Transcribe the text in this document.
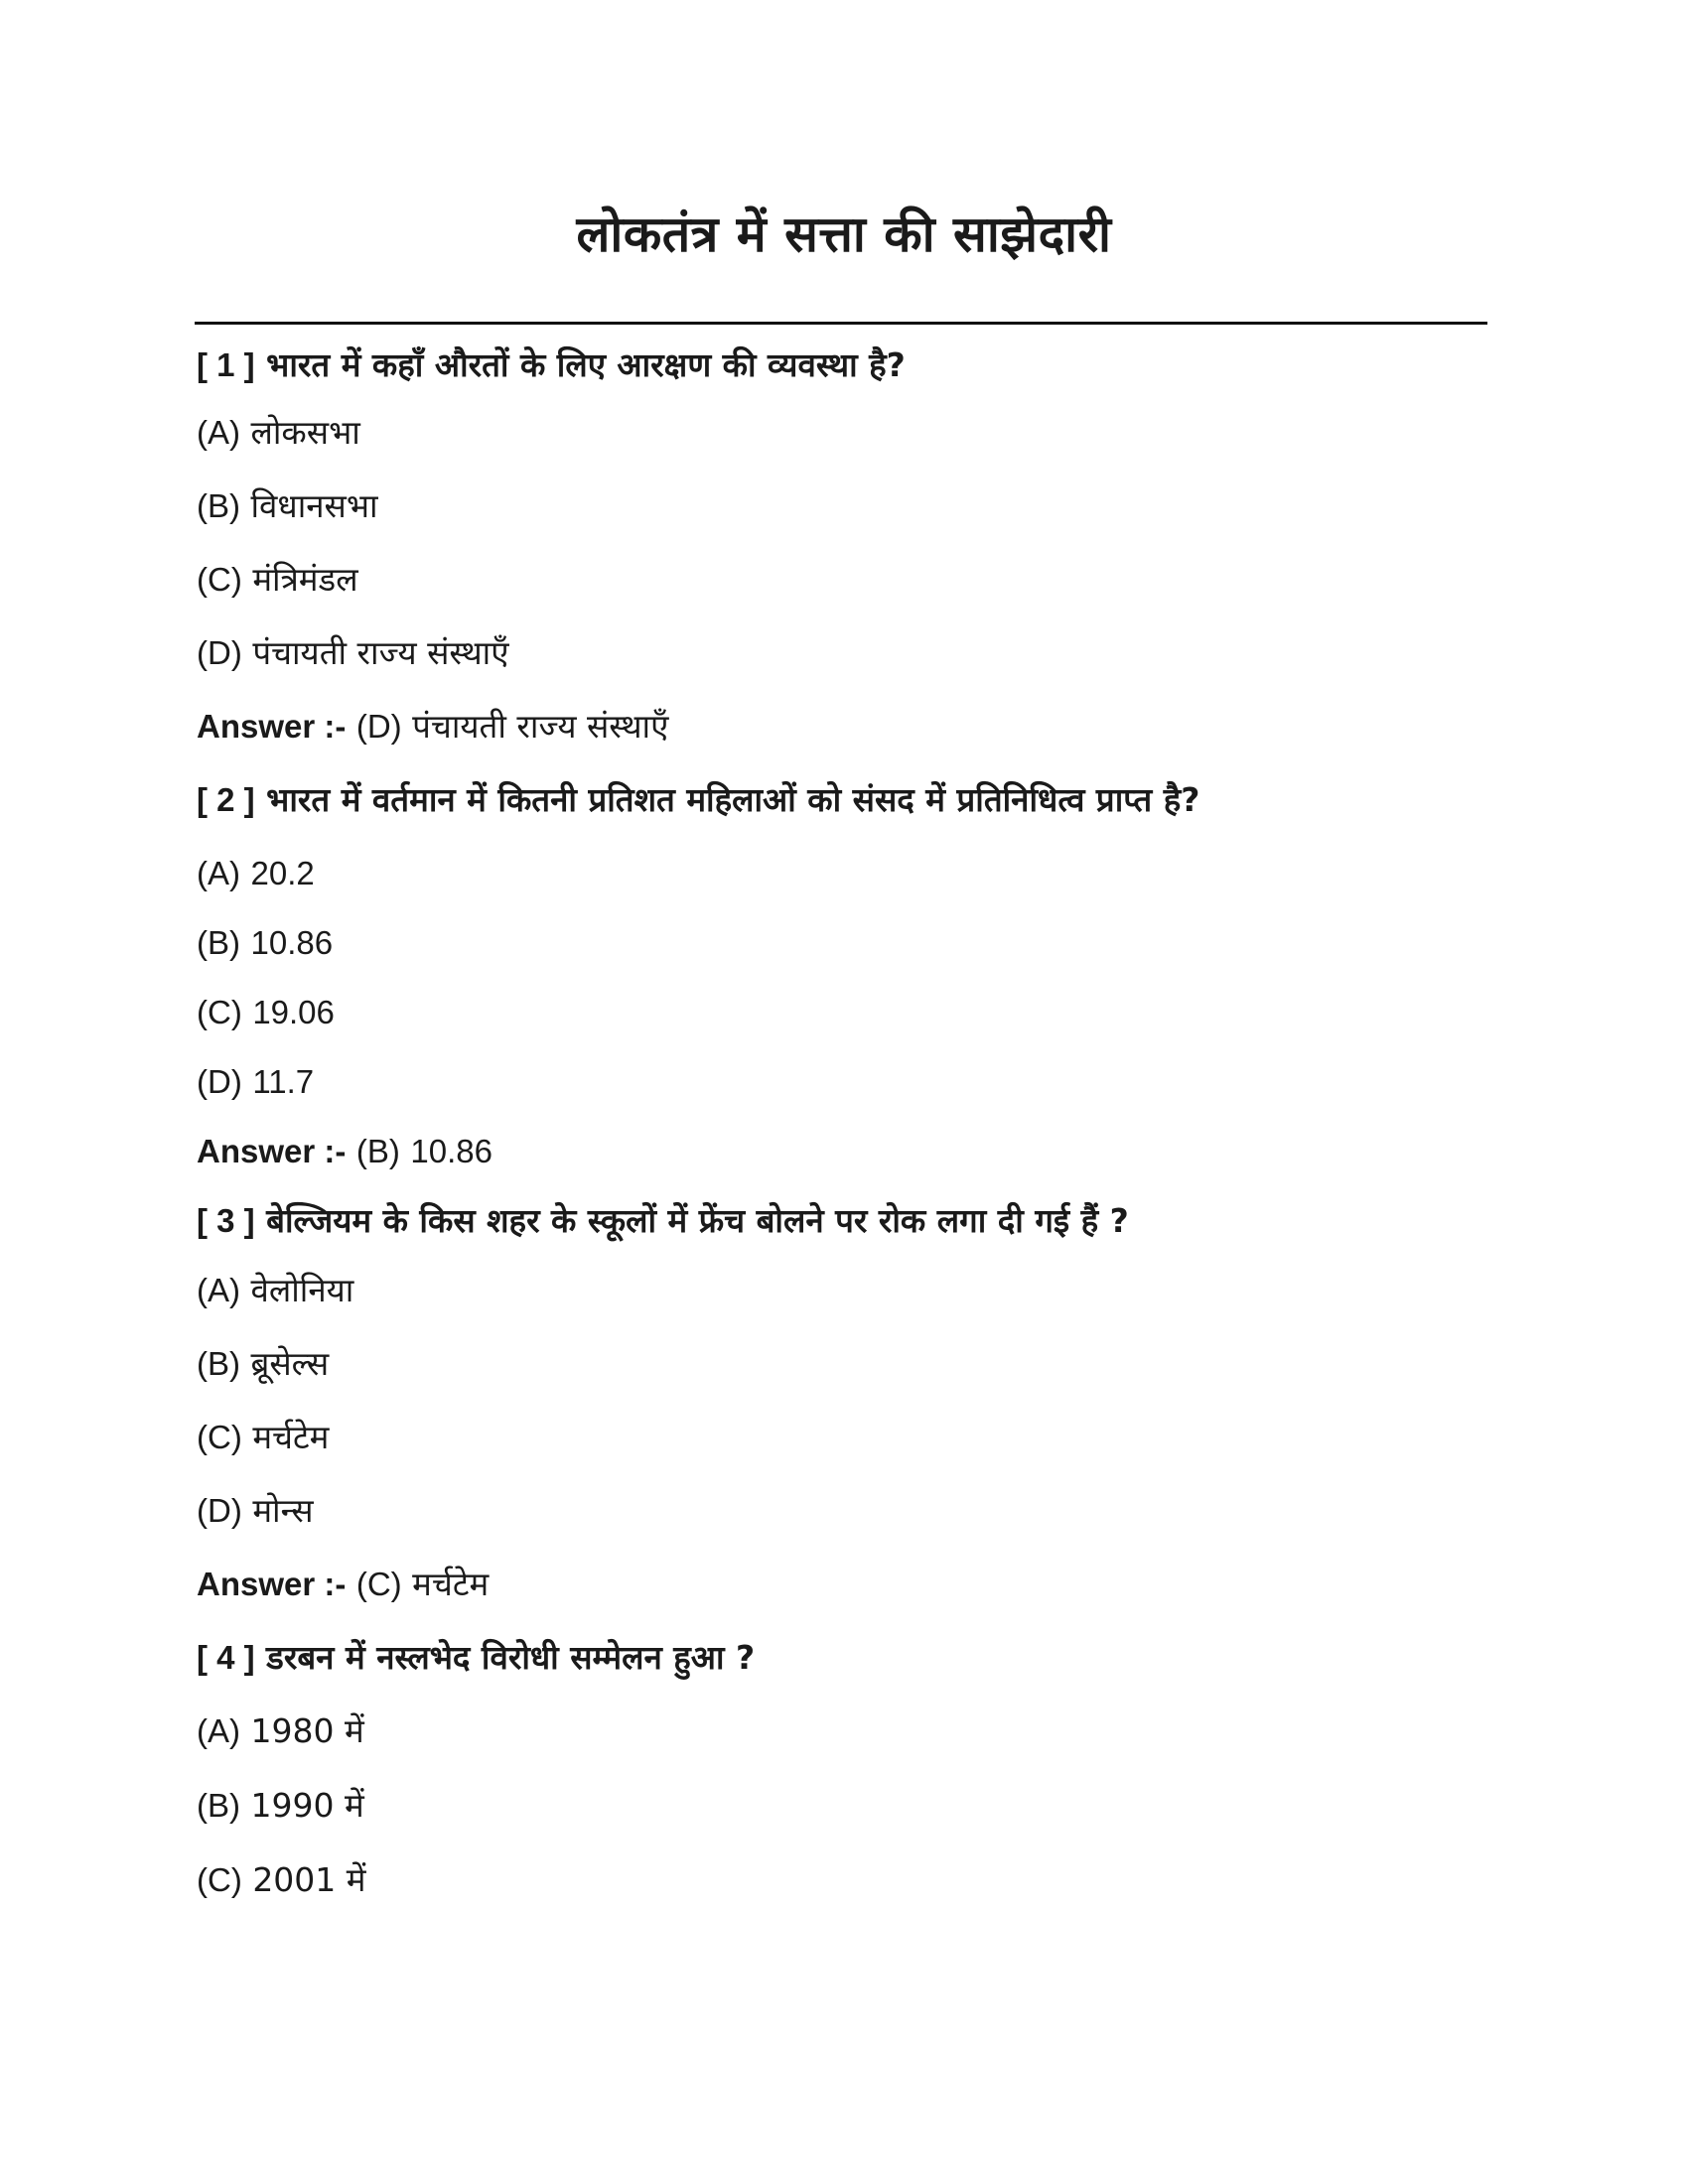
लोकतंत्र में सत्ता की साझेदारी
[ 1 ] भारत में कहाँ औरतों के लिए आरक्षण की व्यवस्था है?
(A) लोकसभा
(B) विधानसभा
(C) मंत्रिमंडल
(D) पंचायती राज्य संस्थाएँ
Answer :- (D) पंचायती राज्य संस्थाएँ
[ 2 ] भारत में वर्तमान में कितनी प्रतिशत महिलाओं को संसद में प्रतिनिधित्व प्राप्त है?
(A) 20.2
(B) 10.86
(C) 19.06
(D) 11.7
Answer :- (B) 10.86
[ 3 ] बेल्जियम के किस शहर के स्कूलों में फ्रेंच बोलने पर रोक लगा दी गई हैं ?
(A) वेलोनिया
(B) ब्रूसेल्स
(C) मर्चटेम
(D) मोन्स
Answer :- (C) मर्चटेम
[ 4 ] डरबन में नस्लभेद विरोधी सम्मेलन हुआ ?
(A) 1980 में
(B) 1990 में
(C) 2001 में
